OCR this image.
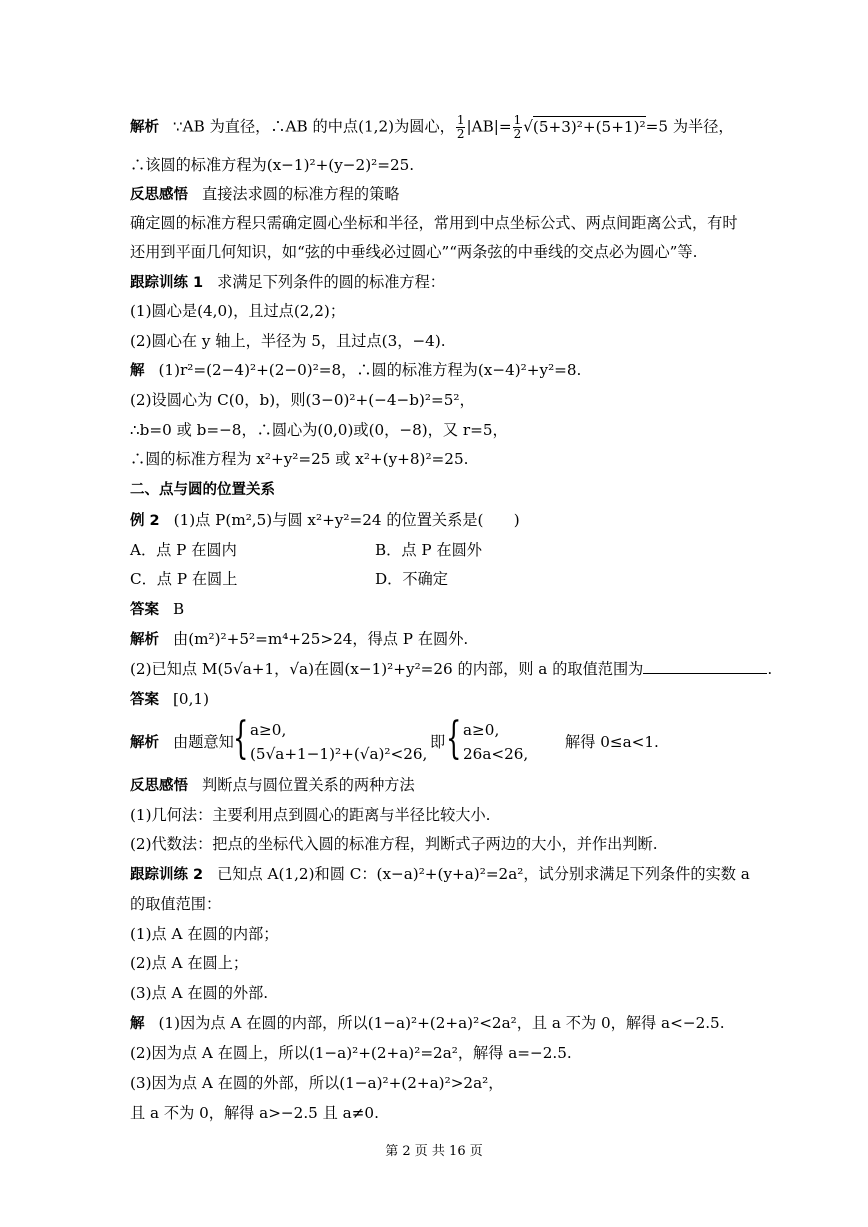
解析 ∵AB 为直径，∴AB 的中点(1,2)为圆心， $\frac{1}{2} |AB|= \frac{1}{2} √(5+3)^2+(5+1)^2=5$ 为半径，
∴该圆的标准方程为(x−1)²+(y−2)²=25.
反思感悟 直接法求圆的标准方程的策略
确定圆的标准方程只需确定圆心坐标和半径，常用到中点坐标公式、两点间距离公式，有时
还用到平面几何知识，如“弦的中垂线必过圆心”“两条弦的中垂线的交点必为圆心”等.
跟踪训练 1 求满足下列条件的圆的标准方程：
(1)圆心是(4,0)，且过点(2,2)；
(2)圆心在 y 轴上，半径为 5，且过点(3，−4).
解 (1)r²=(2−4)²+(2−0)²=8，∴圆的标准方程为(x−4)²+y²=8.
(2)设圆心为 C(0，b)，则(3−0)²+(−4−b)²=5²，
∴b=0 或 b=−8，∴圆心为(0,0)或(0，−8)，又 r=5，
∴圆的标准方程为 x²+y²=25 或 x²+(y+8)²=25.
二、点与圆的位置关系
例 2 (1)点 P(m²,5)与圆 x²+y²=24 的位置关系是(　　)
A．点 P 在圆内	B．点 P 在圆外
C．点 P 在圆上	D．不确定
答案 B
解析 由(m²)²+5²=m⁴+25>24，得点 P 在圆外.
(2)已知点 M(5√a+1，√a)在圆(x−1)²+y²=26 的内部，则 a 的取值范围为	.
答案 [0,1)
解析 由题意知 { a≥0,
(5√a+1−1)²+(√a)²<26,
即 { a≥0,
26a<26,
解得 0≤a<1.
反思感悟 判断点与圆位置关系的两种方法
(1)几何法：主要利用点到圆心的距离与半径比较大小.
(2)代数法：把点的坐标代入圆的标准方程，判断式子两边的大小，并作出判断.
跟踪训练 2 已知点 A(1,2)和圆 C：(x−a)²+(y+a)²=2a²，试分别求满足下列条件的实数 a
的取值范围：
(1)点 A 在圆的内部；
(2)点 A 在圆上；
(3)点 A 在圆的外部.
解 (1)因为点 A 在圆的内部，所以(1−a)²+(2+a)²<2a²，且 a 不为 0，解得 a<−2.5.
(2)因为点 A 在圆上，所以(1−a)²+(2+a)²=2a²，解得 a=−2.5.
(3)因为点 A 在圆的外部，所以(1−a)²+(2+a)²>2a²，
且 a 不为 0，解得 a>−2.5 且 a≠0.
第 2 页 共 16 页
